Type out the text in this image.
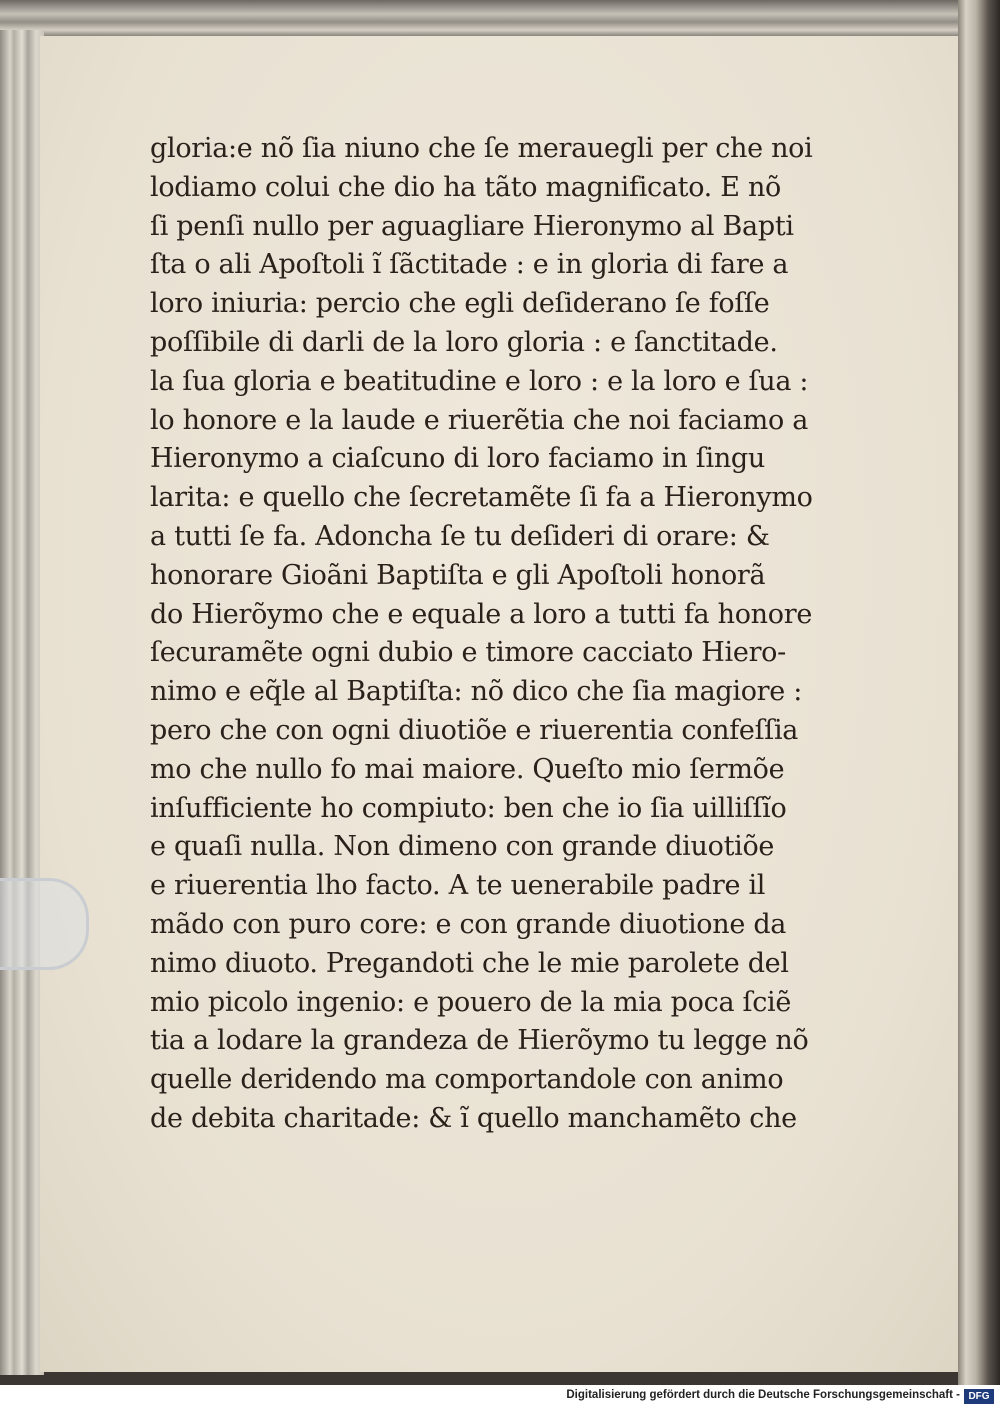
gloria:e nõ ſia niuno che ſe merauegli per che noi
lodiamo colui che dio ha tãto magnificato. E nõ
ſi penſi nullo per aguagliare Hieronymo al Bapti
ſta o ali Apoſtoli ĩ ſãctitade : e in gloria di fare a
loro iniuria: percio che egli deſiderano ſe foſſe
poſſibile di darli de la loro gloria : e ſanctitade.
la ſua gloria e beatitudine e loro : e la loro e ſua :
lo honore e la laude e riuerẽtia che noi faciamo a
Hieronymo a ciaſcuno di loro faciamo in ſingu
larita: e quello che ſecretamẽte ſi fa a Hieronymo
a tutti ſe fa. Adoncha ſe tu deſideri di orare: &
honorare Gioãni Baptiſta e gli Apoſtoli honorã
do Hierõymo che e equale a loro a tutti fa honore
ſecuramẽte ogni dubio e timore cacciato Hiero-
nimo e eq̃le al Baptiſta: nõ dico che ſia magiore :
pero che con ogni diuotiõe e riuerentia confeſſia
mo che nullo fo mai maiore. Queſto mio ſermõe
inſufficiente ho compiuto: ben che io ſia uilliſſĩo
e quaſi nulla. Non dimeno con grande diuotiõe
e riuerentia lho facto. A te uenerabile padre il
mãdo con puro core: e con grande diuotione da
nimo diuoto. Pregandoti che le mie parolete del
mio picolo ingenio: e pouero de la mia poca ſciẽ
tia a lodare la grandeza de Hierõymo tu legge nõ
quelle deridendo ma comportandole con animo
de debita charitade: & ĩ quello manchamẽto che
Digitalisierung gefördert durch die Deutsche Forschungsgemeinschaft - DFG
